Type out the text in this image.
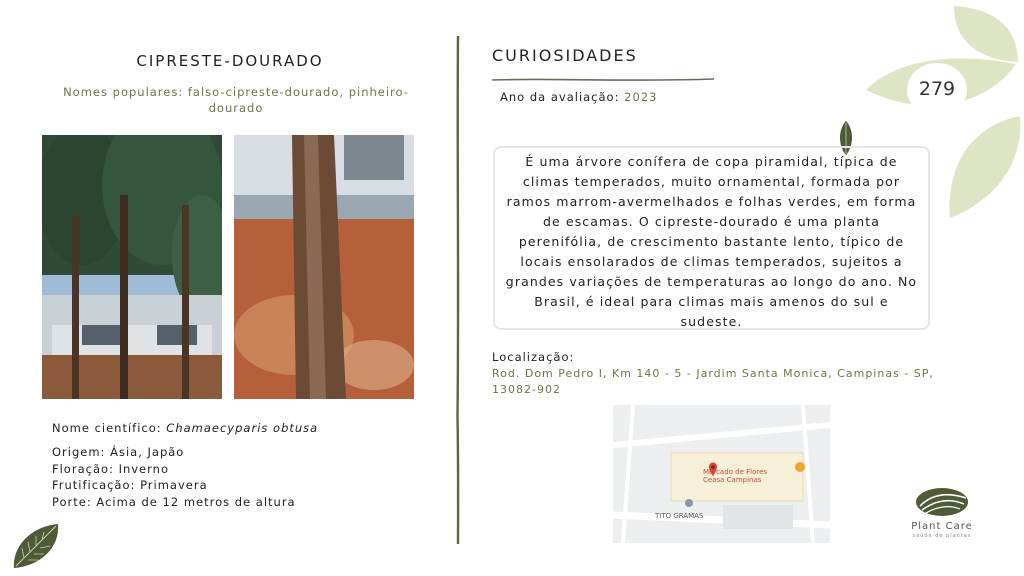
CIPRESTE-DOURADO
Nomes populares: falso-cipreste-dourado, pinheiro-dourado
Nome científico: Chamaecyparis obtusa
Origem: Ásia, Japão
Floração: Inverno
Frutificação: Primavera
Porte: Acima de 12 metros de altura
CURIOSIDADES
Ano da avaliação: 2023
É uma árvore conífera de copa piramidal, típica de climas temperados, muito ornamental, formada por ramos marrom-avermelhados e folhas verdes, em forma de escamas. O cipreste-dourado é uma planta perenifólia, de crescimento bastante lento, típico de locais ensolarados de climas temperados, sujeitos a grandes variações de temperaturas ao longo do ano. No Brasil, é ideal para climas mais amenos do sul e sudeste.
Localização:
Rod. Dom Pedro I, Km 140 - 5 - Jardim Santa Monica, Campinas - SP, 13082-902
Mercado de Flores
Ceasa Campinas
TITO GRAMAS
279
Plant Care
saúde de plantas
